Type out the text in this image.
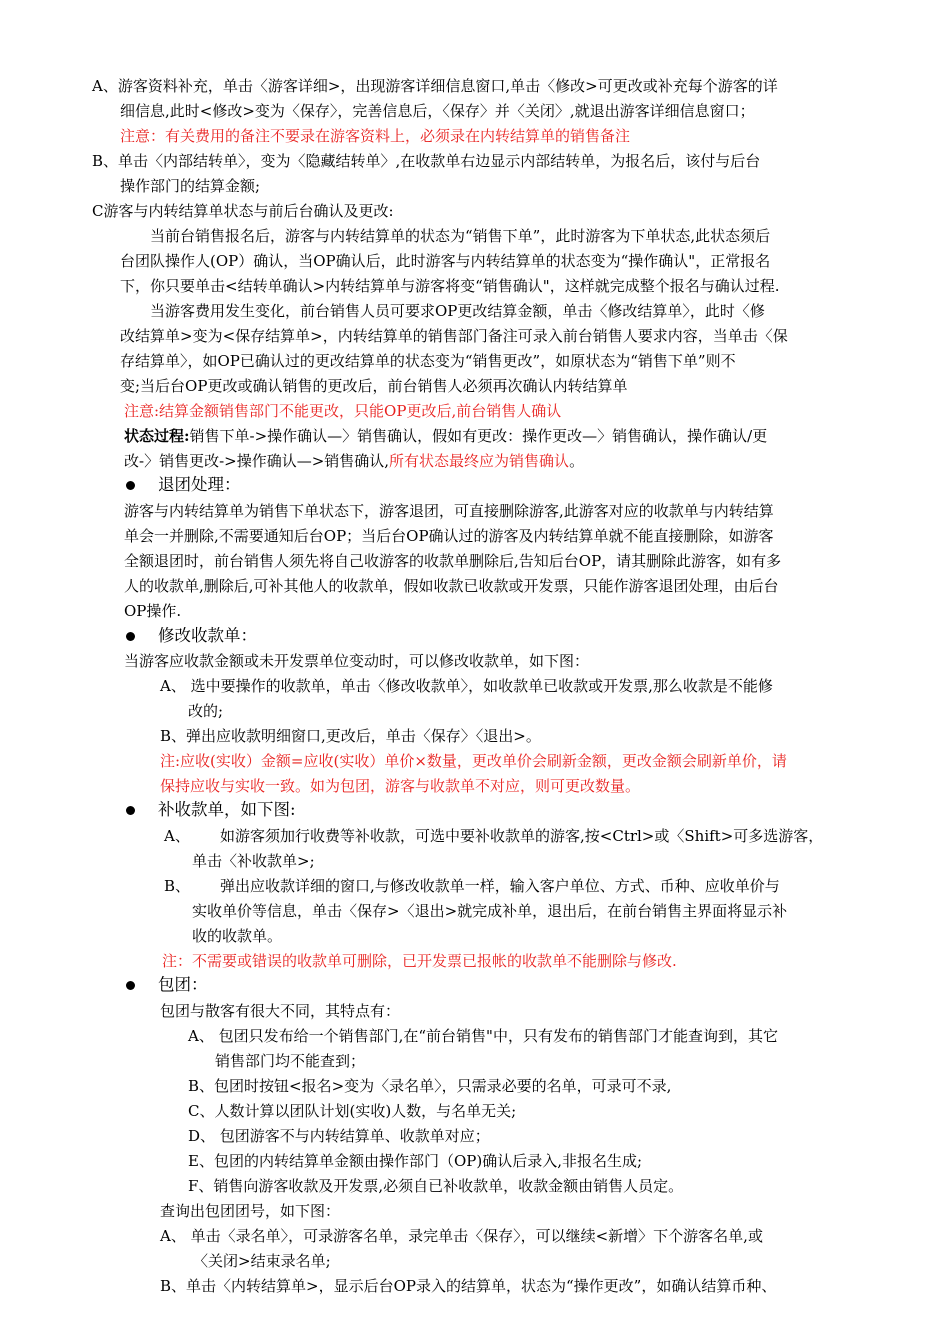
A、游客资料补充，单击〈游客详细>，出现游客详细信息窗口,单击〈修改>可更改或补充每个游客的详
细信息,此时<修改>变为〈保存〉，完善信息后，〈保存〉并〈关闭〉,就退出游客详细信息窗口；
注意：有关费用的备注不要录在游客资料上，必须录在内转结算单的销售备注
B、单击〈内部结转单〉，变为〈隐藏结转单〉,在收款单右边显示内部结转单，为报名后，该付与后台
操作部门的结算金额;
C游客与内转结算单状态与前后台确认及更改:
当前台销售报名后，游客与内转结算单的状态为“销售下单”，此时游客为下单状态,此状态须后
台团队操作人(OP）确认，当OP确认后，此时游客与内转结算单的状态变为“操作确认"，正常报名
下，你只要单击<结转单确认>内转结算单与游客将变“销售确认"，这样就完成整个报名与确认过程.
当游客费用发生变化，前台销售人员可要求OP更改结算金额，单击〈修改结算单〉，此时〈修
改结算单>变为<保存结算单>，内转结算单的销售部门备注可录入前台销售人要求内容，当单击〈保
存结算单〉，如OP已确认过的更改结算单的状态变为“销售更改”，如原状态为“销售下单”则不
变;当后台OP更改或确认销售的更改后，前台销售人必须再次确认内转结算单
注意:结算金额销售部门不能更改，只能OP更改后,前台销售人确认
状态过程:销售下单->操作确认—〉销售确认，假如有更改：操作更改—〉销售确认，操作确认/更
改-〉销售更改->操作确认—>销售确认,所有状态最终应为销售确认。
退团处理：
游客与内转结算单为销售下单状态下，游客退团，可直接删除游客,此游客对应的收款单与内转结算
单会一并删除,不需要通知后台OP；当后台OP确认过的游客及内转结算单就不能直接删除，如游客
全额退团时，前台销售人须先将自己收游客的收款单删除后,告知后台OP，请其删除此游客，如有多
人的收款单,删除后,可补其他人的收款单，假如收款已收款或开发票，只能作游客退团处理，由后台
OP操作.
修改收款单：
当游客应收款金额或未开发票单位变动时，可以修改收款单，如下图：
A、 选中要操作的收款单，单击〈修改收款单〉，如收款单已收款或开发票,那么收款是不能修
改的;
B、弹出应收款明细窗口,更改后，单击〈保存〉〈退出>。
注:应收(实收）金额=应收(实收）单价×数量，更改单价会刷新金额，更改金额会刷新单价，请
保持应收与实收一致。如为包团，游客与收款单不对应，则可更改数量。
补收款单，如下图:
A、 如游客须加行收费等补收款，可选中要补收款单的游客,按<Ctrl>或〈Shift>可多选游客，
单击〈补收款单>;
B、 弹出应收款详细的窗口,与修改收款单一样，输入客户单位、方式、币种、应收单价与
实收单价等信息，单击〈保存>〈退出>就完成补单，退出后，在前台销售主界面将显示补
收的收款单。
注：不需要或错误的收款单可删除，已开发票已报帐的收款单不能删除与修改.
包团：
包团与散客有很大不同，其特点有：
A、 包团只发布给一个销售部门,在“前台销售"中，只有发布的销售部门才能查询到，其它
销售部门均不能查到；
B、包团时按钮<报名>变为〈录名单〉，只需录必要的名单，可录可不录,
C、人数计算以团队计划(实收)人数，与名单无关;
D、 包团游客不与内转结算单、收款单对应；
E、包团的内转结算单金额由操作部门（OP)确认后录入,非报名生成;
F、销售向游客收款及开发票,必须自已补收款单，收款金额由销售人员定。
查询出包团团号，如下图：
A、 单击〈录名单〉，可录游客名单，录完单击〈保存〉，可以继续<新增〉下个游客名单,或
〈关闭>结束录名单;
B、单击〈内转结算单>，显示后台OP录入的结算单，状态为“操作更改”，如确认结算币种、
